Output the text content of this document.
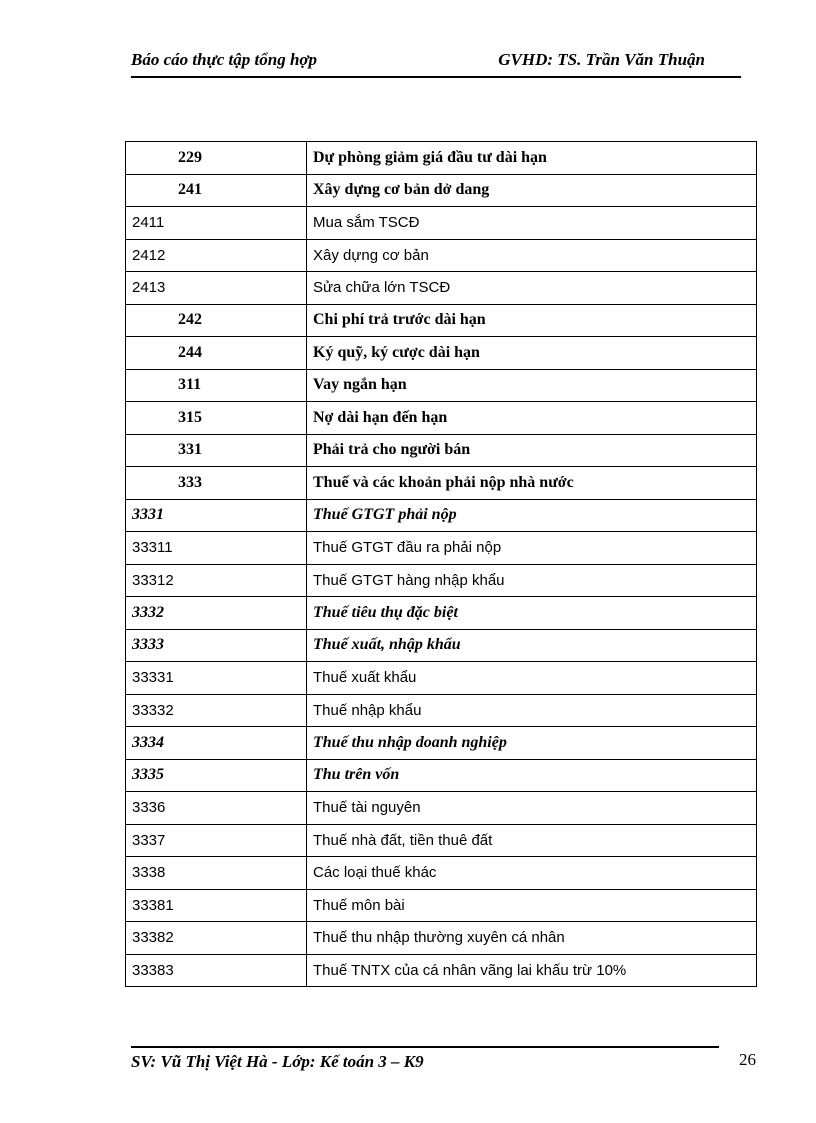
Báo cáo thực tập tổng hợp	GVHD: TS. Trần Văn Thuận
229	Dự phòng giảm giá đầu tư dài hạn
241	Xây dựng cơ bản dở dang
2411	Mua sắm TSCĐ
2412	Xây dựng cơ bản
2413	Sửa chữa lớn TSCĐ
242	Chi phí trả trước dài hạn
244	Ký quỹ, ký cược dài hạn
311	Vay ngắn hạn
315	Nợ dài hạn đến hạn
331	Phải trả cho người bán
333	Thuế và các khoản phải nộp nhà nước
3331	Thuế GTGT phải nộp
33311	Thuế GTGT đầu ra phải nộp
33312	Thuế GTGT hàng nhập khẩu
3332	Thuế tiêu thụ đặc biệt
3333	Thuế xuất, nhập khẩu
33331	Thuế xuất khẩu
33332	Thuế nhập khẩu
3334	Thuế thu nhập doanh nghiệp
3335	Thu trên vốn
3336	Thuế tài nguyên
3337	Thuế nhà đất, tiền thuê đất
3338	Các loại thuế khác
33381	Thuế môn bài
33382	Thuế thu nhập thường xuyên cá nhân
33383	Thuế TNTX của cá nhân vãng lai khấu trừ 10%
SV: Vũ Thị Việt Hà - Lớp: Kế toán 3 – K9	26
